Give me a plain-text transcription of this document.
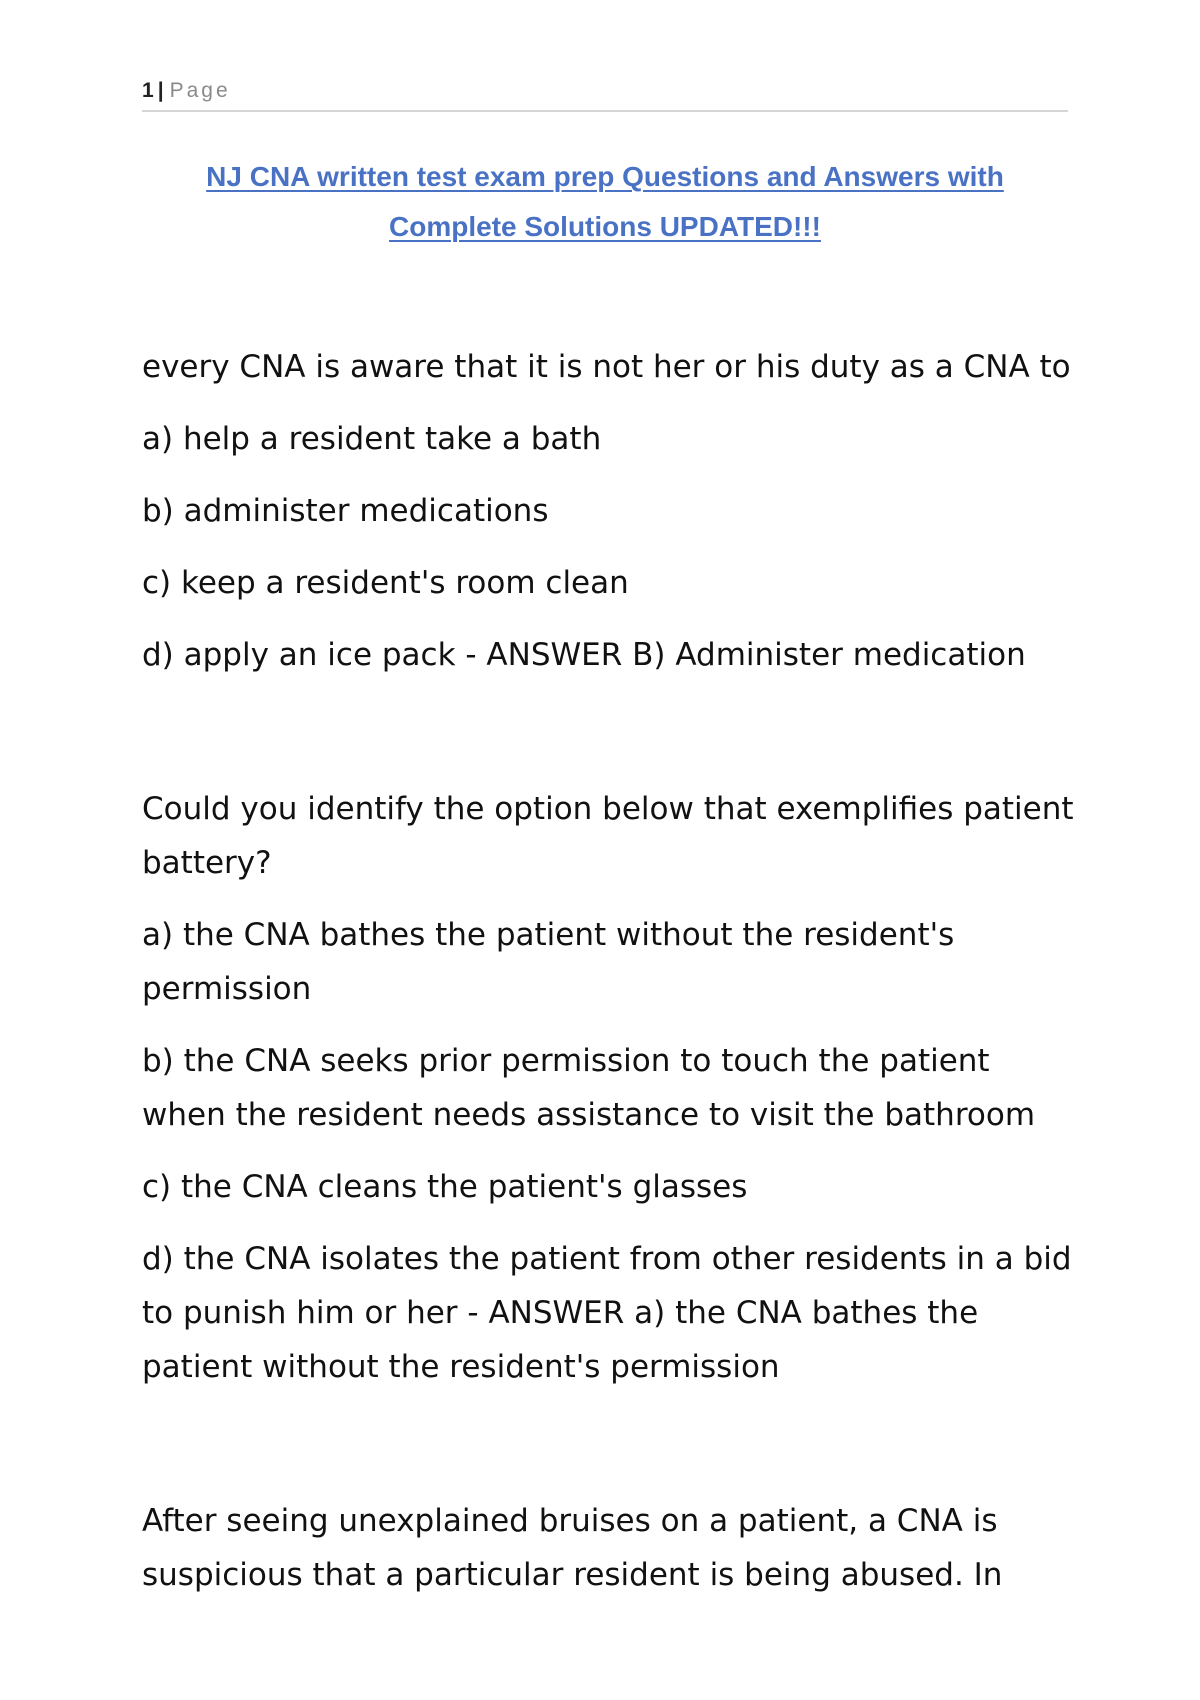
1 | Page
NJ CNA written test exam prep Questions and Answers with Complete Solutions UPDATED!!!

every CNA is aware that it is not her or his duty as a CNA to

a) help a resident take a bath

b) administer medications

c) keep a resident's room clean

d) apply an ice pack - ANSWER B) Administer medication

Could you identify the option below that exemplifies patient battery?

a) the CNA bathes the patient without the resident's permission

b) the CNA seeks prior permission to touch the patient when the resident needs assistance to visit the bathroom

c) the CNA cleans the patient's glasses

d) the CNA isolates the patient from other residents in a bid to punish him or her - ANSWER a) the CNA bathes the patient without the resident's permission

After seeing unexplained bruises on a patient, a CNA is suspicious that a particular resident is being abused. In
